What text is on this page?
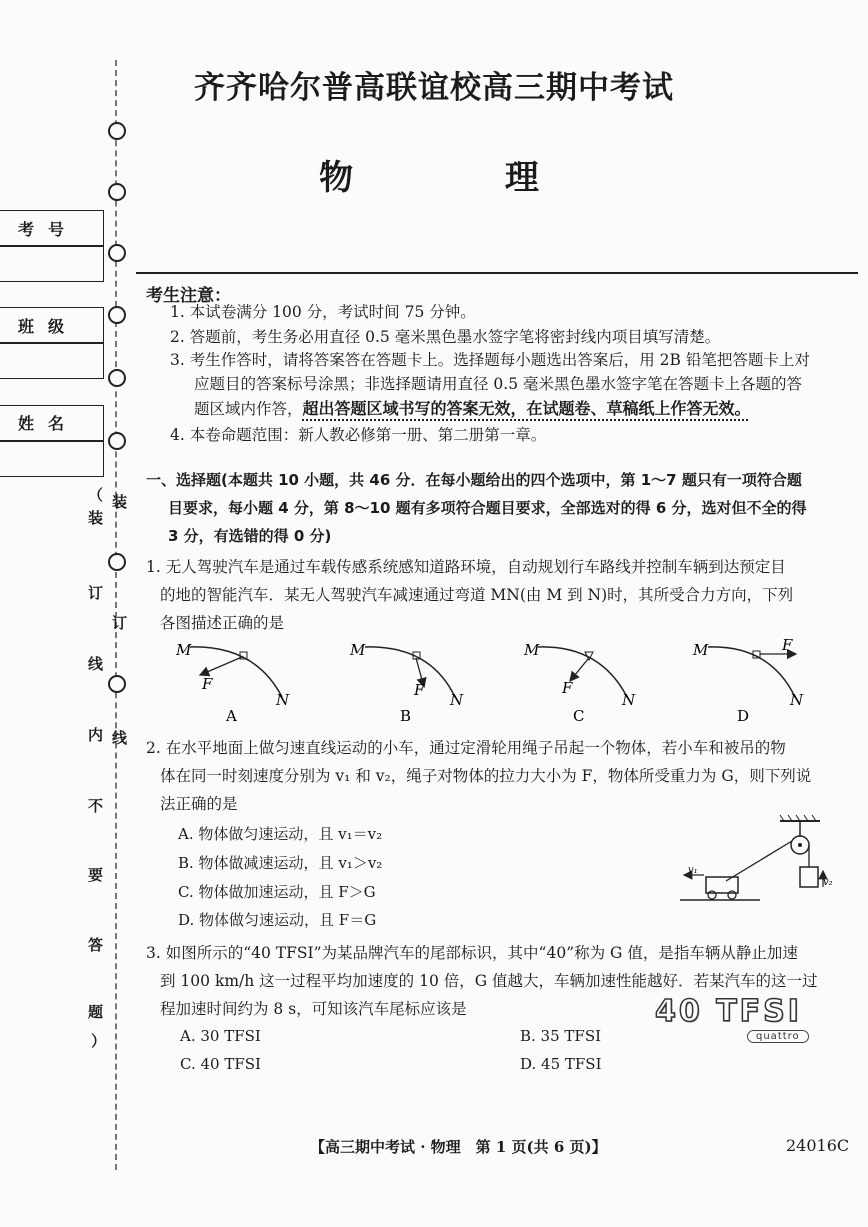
考号
班级
姓名
（
装
订
线
内
不
要
答
题
）
装
订
线
齐齐哈尔普高联谊校高三期中考试
物 理
考生注意：
1. 本试卷满分 100 分，考试时间 75 分钟。
2. 答题前，考生务必用直径 0.5 毫米黑色墨水签字笔将密封线内项目填写清楚。
3. 考生作答时，请将答案答在答题卡上。选择题每小题选出答案后，用 2B 铅笔把答题卡上对
应题目的答案标号涂黑；非选择题请用直径 0.5 毫米黑色墨水签字笔在答题卡上各题的答
题区域内作答，超出答题区域书写的答案无效，在试题卷、草稿纸上作答无效。
4. 本卷命题范围：新人教必修第一册、第二册第一章。
一、选择题(本题共 10 小题，共 46 分．在每小题给出的四个选项中，第 1～7 题只有一项符合题
目要求，每小题 4 分，第 8～10 题有多项符合题目要求，全部选对的得 6 分，选对但不全的得
3 分，有选错的得 0 分)
1. 无人驾驶汽车是通过车载传感系统感知道路环境，自动规划行车路线并控制车辆到达预定目
的地的智能汽车．某无人驾驶汽车减速通过弯道 MN(由 M 到 N)时，其所受合力方向，下列
各图描述正确的是
M
F
N
A
M
F
N
B
M
F
N
C
M	F
N
D
2. 在水平地面上做匀速直线运动的小车，通过定滑轮用绳子吊起一个物体，若小车和被吊的物
体在同一时刻速度分别为 v₁ 和 v₂，绳子对物体的拉力大小为 F，物体所受重力为 G，则下列说
法正确的是
A. 物体做匀速运动，且 v₁＝v₂
B. 物体做减速运动，且 v₁＞v₂
C. 物体做加速运动，且 F＞G
D. 物体做匀速运动，且 F＝G
v₂
v₁
3. 如图所示的“40 TFSI”为某品牌汽车的尾部标识，其中“40”称为 G 值，是指车辆从静止加速
到 100 km/h 这一过程平均加速度的 10 倍，G 值越大，车辆加速性能越好．若某汽车的这一过
程加速时间约为 8 s，可知该汽车尾标应该是
A. 30 TFSI	B. 35 TFSI
C. 40 TFSI	D. 45 TFSI
40 TFSI
quattro
【高三期中考试 · 物理　第 1 页(共 6 页)】	24016C
